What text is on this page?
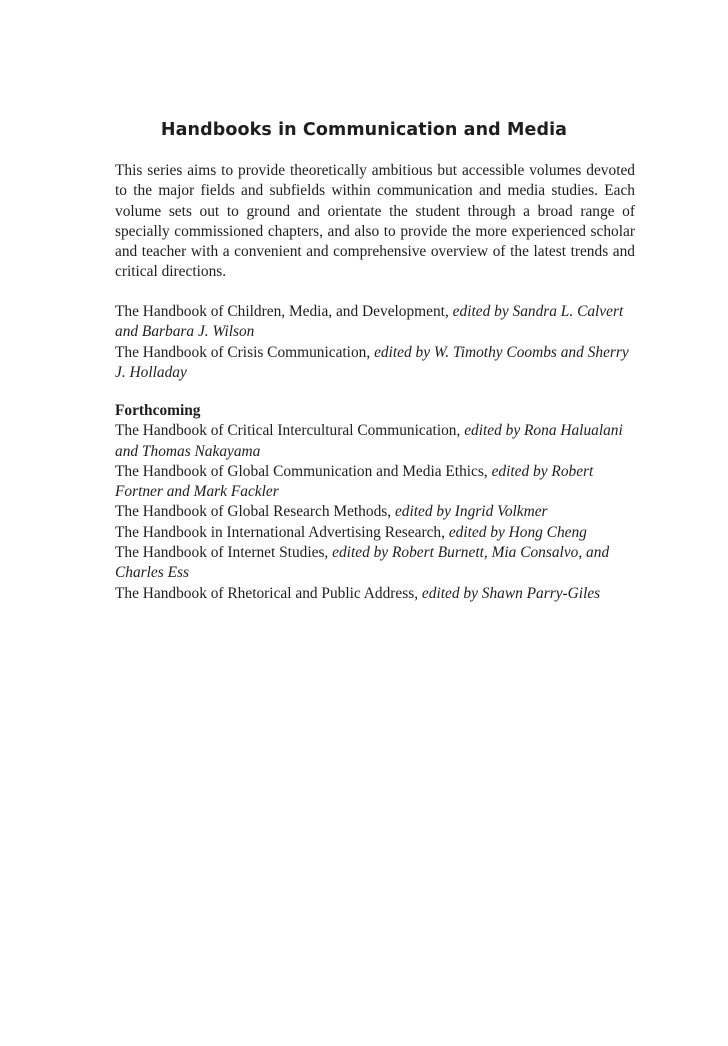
Handbooks in Communication and Media
This series aims to provide theoretically ambitious but accessible volumes devoted to the major fields and subfields within communication and media studies. Each volume sets out to ground and orientate the student through a broad range of specially commissioned chapters, and also to provide the more experienced scholar and teacher with a convenient and comprehensive overview of the latest trends and critical directions.
The Handbook of Children, Media, and Development, edited by Sandra L. Calvert and Barbara J. Wilson
The Handbook of Crisis Communication, edited by W. Timothy Coombs and Sherry J. Holladay
Forthcoming
The Handbook of Critical Intercultural Communication, edited by Rona Halualani and Thomas Nakayama
The Handbook of Global Communication and Media Ethics, edited by Robert Fortner and Mark Fackler
The Handbook of Global Research Methods, edited by Ingrid Volkmer
The Handbook in International Advertising Research, edited by Hong Cheng
The Handbook of Internet Studies, edited by Robert Burnett, Mia Consalvo, and Charles Ess
The Handbook of Rhetorical and Public Address, edited by Shawn Parry-Giles
